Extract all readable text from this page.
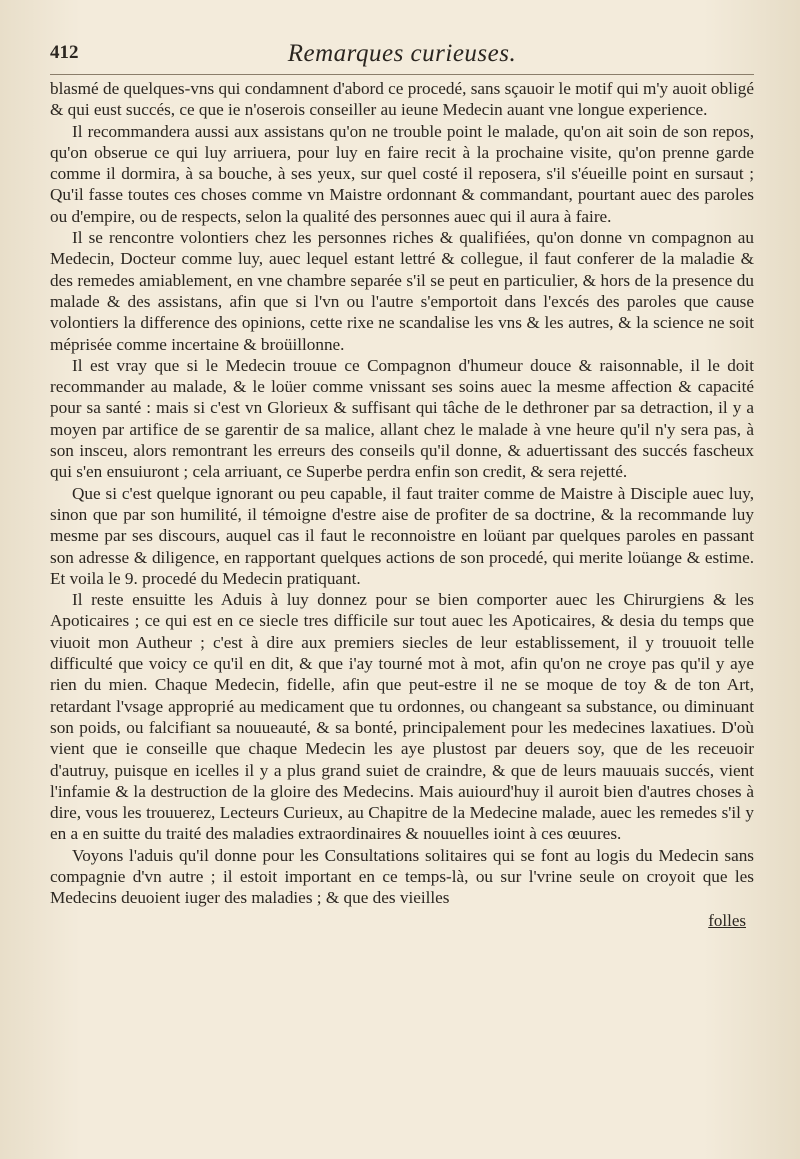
412	Remarques curieuses.

blasmé de quelques-vns qui condamnent d'abord ce procedé, sans sçauoir le motif qui m'y auoit obligé & qui eust succés, ce que ie n'oserois conseiller au ieune Medecin auant vne longue experience.

Il recommandera aussi aux assistans qu'on ne trouble point le malade, qu'on ait soin de son repos, qu'on obserue ce qui luy arriuera, pour luy en faire recit à la prochaine visite, qu'on prenne garde comme il dormira, à sa bouche, à ses yeux, sur quel costé il reposera, s'il s'éueille point en sursaut ; Qu'il fasse toutes ces choses comme vn Maistre ordonnant & commandant, pourtant auec des paroles ou d'empire, ou de respects, selon la qualité des personnes auec qui il aura à faire.

Il se rencontre volontiers chez les personnes riches & qualifiées, qu'on donne vn compagnon au Medecin, Docteur comme luy, auec lequel estant lettré & collegue, il faut conferer de la maladie & des remedes amiablement, en vne chambre separée s'il se peut en particulier, & hors de la presence du malade & des assistans, afin que si l'vn ou l'autre s'emportoit dans l'excés des paroles que cause volontiers la difference des opinions, cette rixe ne scandalise les vns & les autres, & la science ne soit méprisée comme incertaine & broüillonne.

Il est vray que si le Medecin trouue ce Compagnon d'humeur douce & raisonnable, il le doit recommander au malade, & le loüer comme vnissant ses soins auec la mesme affection & capacité pour sa santé : mais si c'est vn Glorieux & suffisant qui tâche de le dethroner par sa detraction, il y a moyen par artifice de se garentir de sa malice, allant chez le malade à vne heure qu'il n'y sera pas, à son insceu, alors remontrant les erreurs des conseils qu'il donne, & aduertissant des succés fascheux qui s'en ensuiuront ; cela arriuant, ce Superbe perdra enfin son credit, & sera rejetté.

Que si c'est quelque ignorant ou peu capable, il faut traiter comme de Maistre à Disciple auec luy, sinon que par son humilité, il témoigne d'estre aise de profiter de sa doctrine, & la recommande luy mesme par ses discours, auquel cas il faut le reconnoistre en loüant par quelques paroles en passant son adresse & diligence, en rapportant quelques actions de son procedé, qui merite loüange & estime. Et voila le 9. procedé du Medecin pratiquant.

Il reste ensuitte les Aduis à luy donnez pour se bien comporter auec les Chirurgiens & les Apoticaires ; ce qui est en ce siecle tres difficile sur tout auec les Apoticaires, & desia du temps que viuoit mon Autheur ; c'est à dire aux premiers siecles de leur establissement, il y trouuoit telle difficulté que voicy ce qu'il en dit, & que i'ay tourné mot à mot, afin qu'on ne croye pas qu'il y aye rien du mien. Chaque Medecin, fidelle, afin que peut-estre il ne se moque de toy & de ton Art, retardant l'vsage approprié au medicament que tu ordonnes, ou changeant sa substance, ou diminuant son poids, ou falcifiant sa nouueauté, & sa bonté, principalement pour les medecines laxatiues. D'où vient que ie conseille que chaque Medecin les aye plustost par deuers soy, que de les receuoir d'autruy, puisque en icelles il y a plus grand suiet de craindre, & que de leurs mauuais succés, vient l'infamie & la destruction de la gloire des Medecins. Mais auiourd'huy il auroit bien d'autres choses à dire, vous les trouuerez, Lecteurs Curieux, au Chapitre de la Medecine malade, auec les remedes s'il y en a en suitte du traité des maladies extraordinaires & nouuelles ioint à ces œuures.

Voyons l'aduis qu'il donne pour les Consultations solitaires qui se font au logis du Medecin sans compagnie d'vn autre ; il estoit important en ce temps-là, ou sur l'vrine seule on croyoit que les Medecins deuoient iuger des maladies ; & que des vieilles

folles
